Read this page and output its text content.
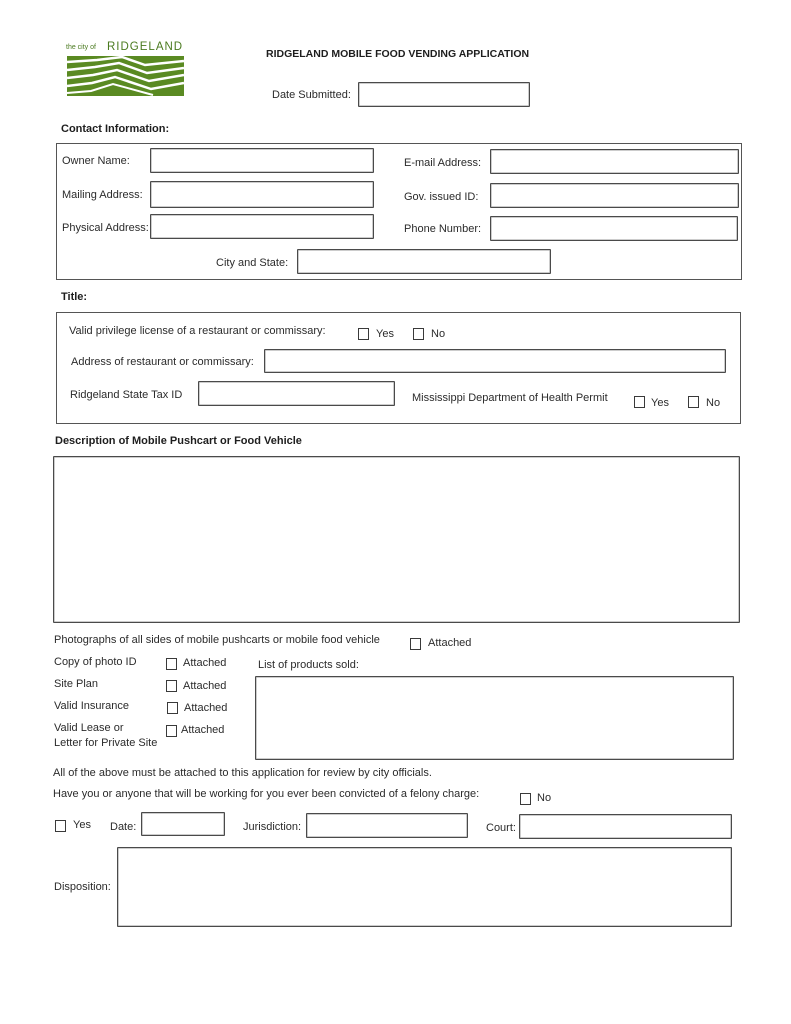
the city of RIDGELAND
RIDGELAND MOBILE FOOD VENDING APPLICATION
Date Submitted:
Contact Information:
Owner Name:
Mailing Address:
Physical Address:
E-mail Address:
Gov. issued ID:
Phone Number:
City and State:
Title:
Valid privilege license of a restaurant or commissary:	Yes	No
Address of restaurant or commissary:
Ridgeland State Tax ID	Mississippi Department of Health Permit	Yes	No
Description of Mobile Pushcart or Food Vehicle
Photographs of all sides of mobile pushcarts or mobile food vehicle	Attached
Copy of photo ID	Attached
Site Plan	Attached
Valid Insurance	Attached
Valid Lease or
Letter for Private Site
Attached
List of products sold:
All of the above must be attached to this application for review by city officials.
Have you or anyone that will be working for you ever been convicted of a felony charge:	No
Yes Date:	Jurisdiction:	Court:
Disposition:
